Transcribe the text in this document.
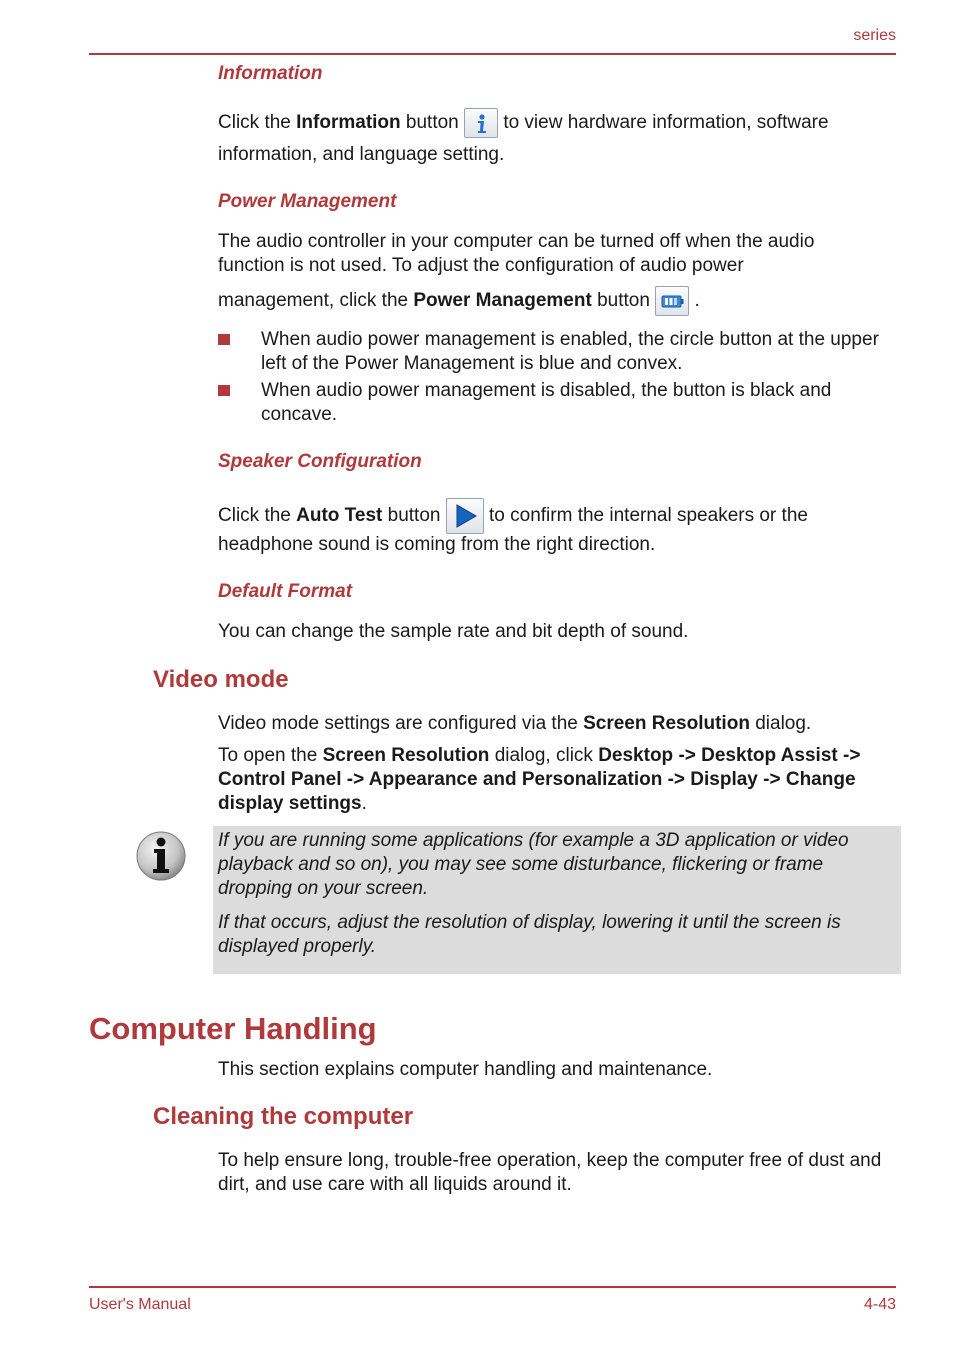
series
Information
Click the Information button
to view hardware information, software
information, and language setting.
Power Management
The audio controller in your computer can be turned off when the audio function is not used. To adjust the configuration of audio power
management, click the Power Management button
.
When audio power management is enabled, the circle button at the upper left of the Power Management is blue and convex.
When audio power management is disabled, the button is black and concave.
Speaker Configuration
Click the Auto Test button
to confirm the internal speakers or the
headphone sound is coming from the right direction.
Default Format
You can change the sample rate and bit depth of sound.
Video mode
Video mode settings are configured via the Screen Resolution dialog.
To open the Screen Resolution dialog, click Desktop -> Desktop Assist -> Control Panel -> Appearance and Personalization -> Display -> Change display settings.
If you are running some applications (for example a 3D application or video playback and so on), you may see some disturbance, flickering or frame dropping on your screen.
If that occurs, adjust the resolution of display, lowering it until the screen is displayed properly.
Computer Handling
This section explains computer handling and maintenance.
Cleaning the computer
To help ensure long, trouble-free operation, keep the computer free of dust and dirt, and use care with all liquids around it.
User's Manual	4-43
